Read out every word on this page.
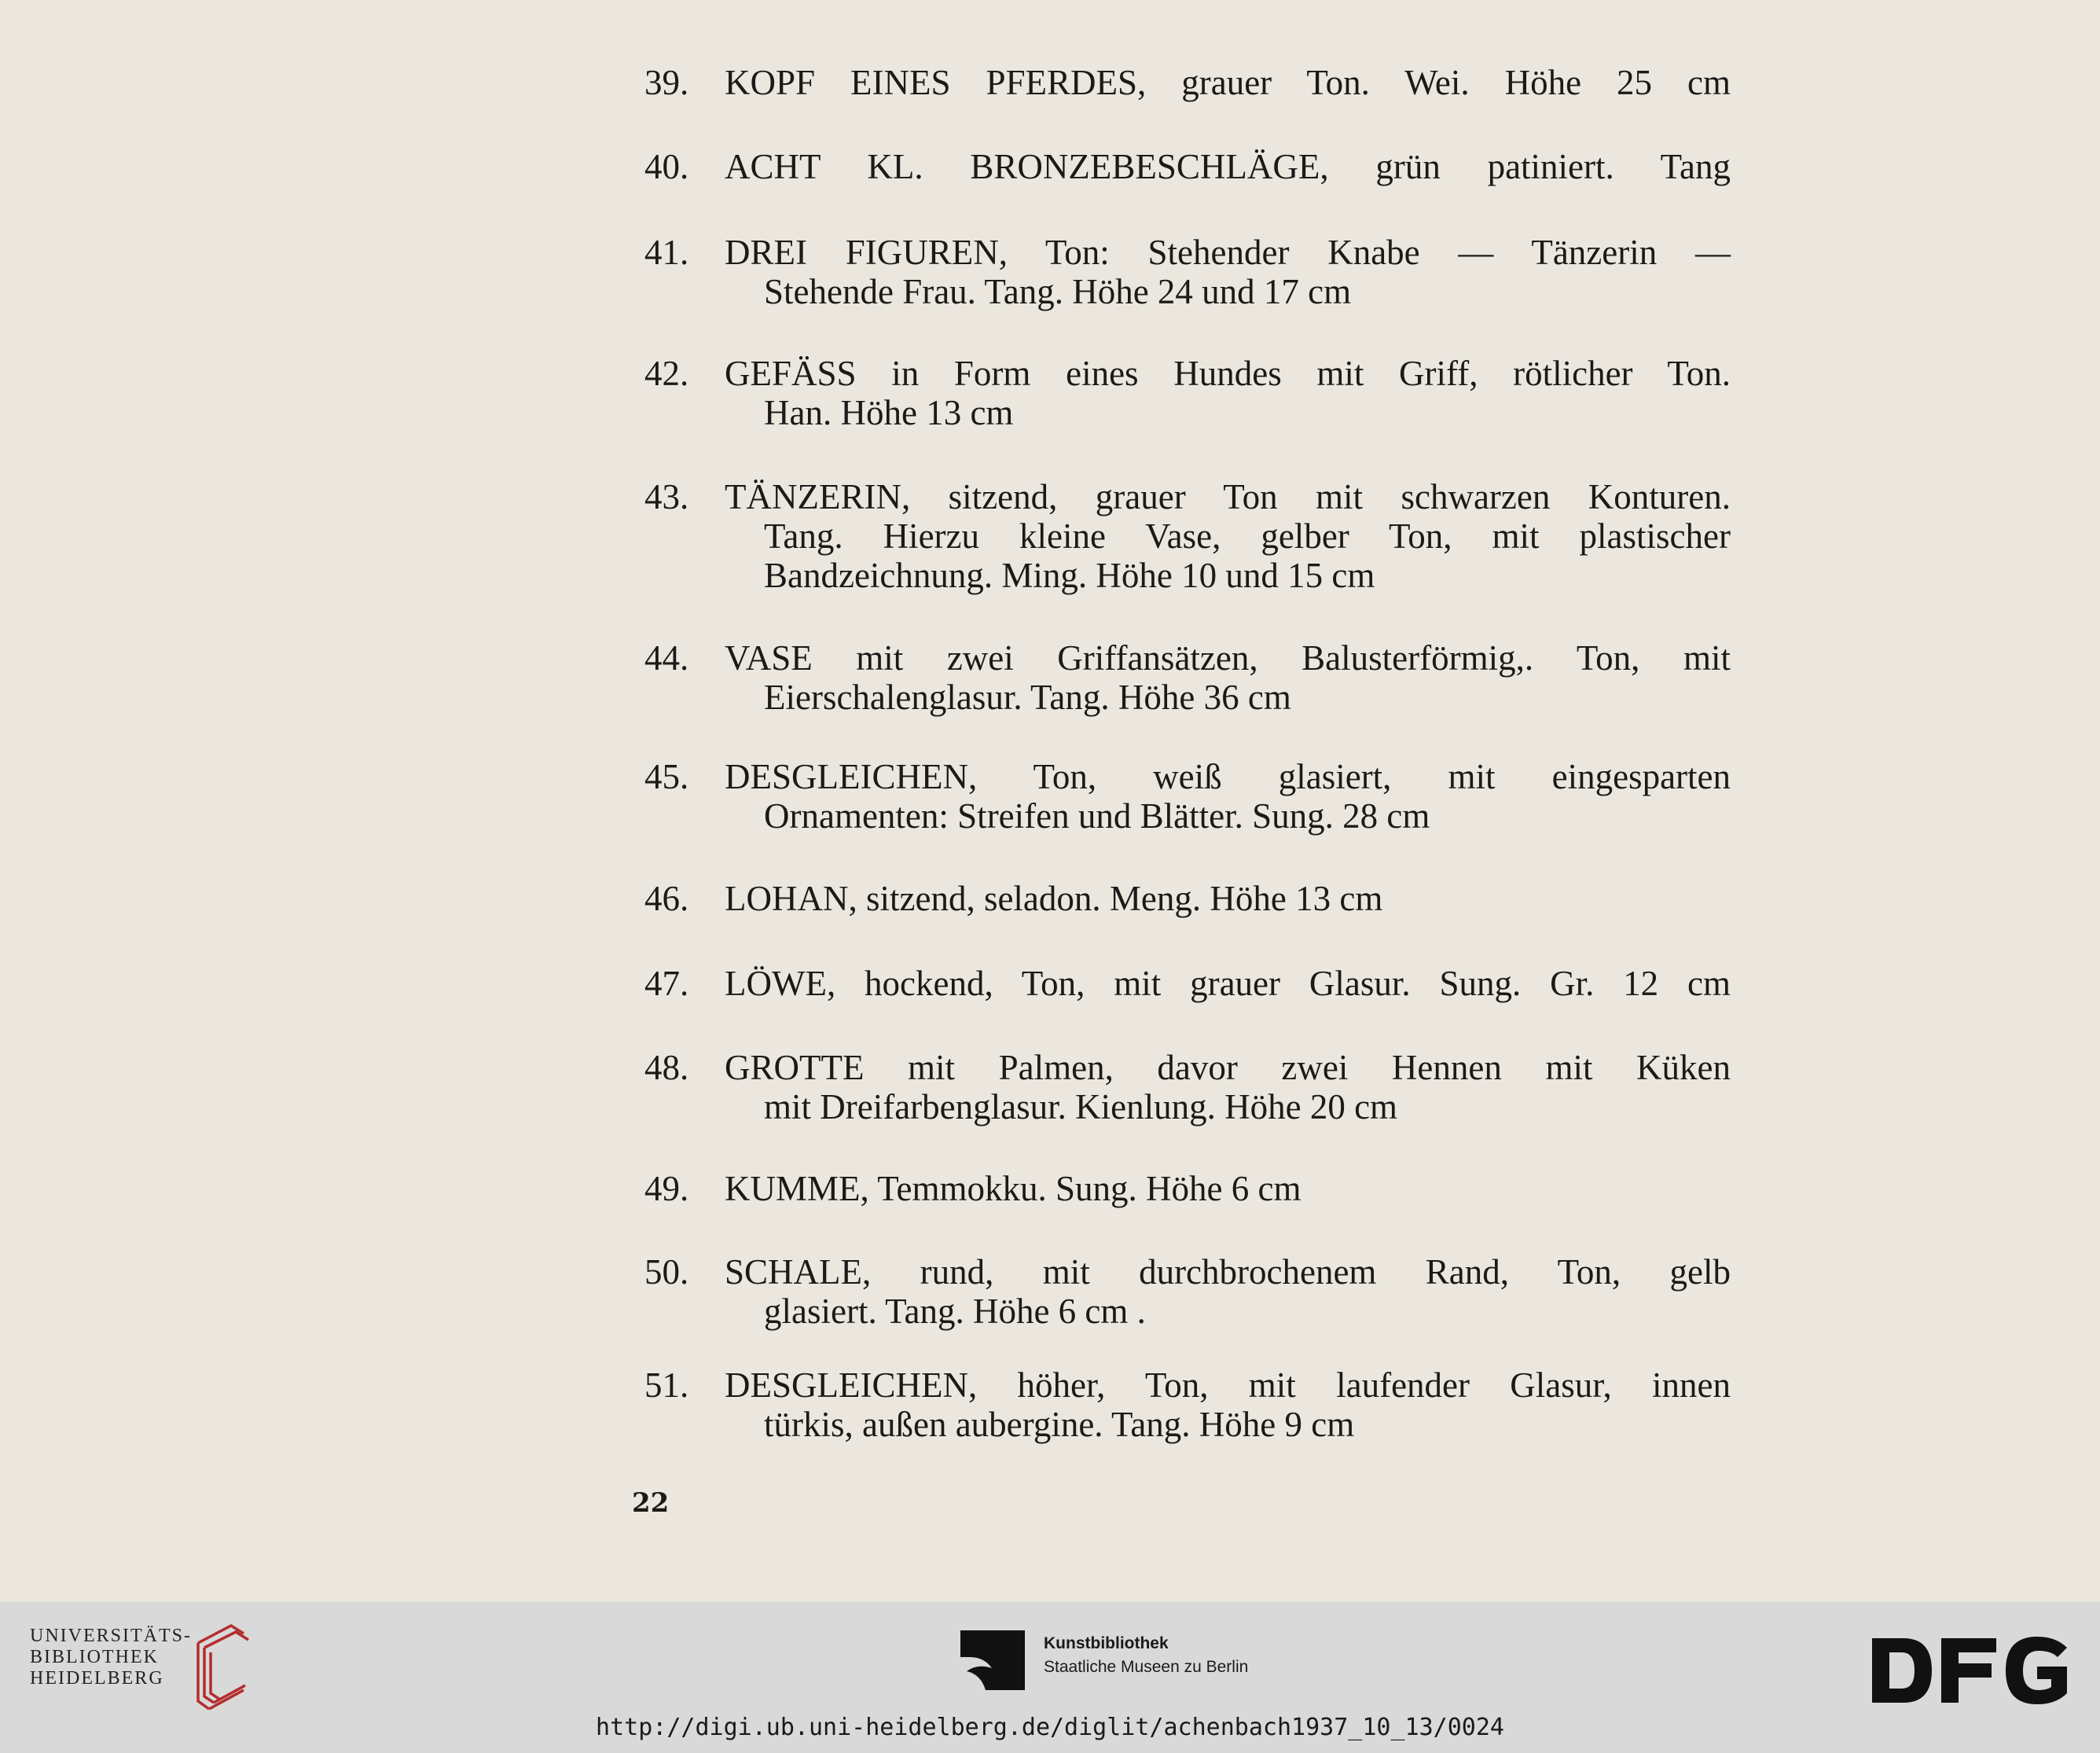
39. KOPF EINES PFERDES, grauer Ton. Wei. Höhe 25 cm
40. ACHT KL. BRONZEBESCHLÄGE, grün patiniert. Tang
41. DREI FIGUREN, Ton: Stehender Knabe — Tänzerin —
Stehende Frau. Tang. Höhe 24 und 17 cm
42. GEFÄSS in Form eines Hundes mit Griff, rötlicher Ton.
Han. Höhe 13 cm
43. TÄNZERIN, sitzend, grauer Ton mit schwarzen Konturen.
Tang. Hierzu kleine Vase, gelber Ton, mit plastischer
Bandzeichnung. Ming. Höhe 10 und 15 cm
44. VASE mit zwei Griffansätzen, Balusterförmig,. Ton, mit
Eierschalenglasur. Tang. Höhe 36 cm
45. DESGLEICHEN, Ton, weiß glasiert, mit eingesparten
Ornamenten: Streifen und Blätter. Sung. 28 cm
46. LOHAN, sitzend, seladon. Meng. Höhe 13 cm
47. LÖWE, hockend, Ton, mit grauer Glasur. Sung. Gr. 12 cm
48. GROTTE mit Palmen, davor zwei Hennen mit Küken
mit Dreifarbenglasur. Kienlung. Höhe 20 cm
49. KUMME, Temmokku. Sung. Höhe 6 cm
50. SCHALE, rund, mit durchbrochenem Rand, Ton, gelb
glasiert. Tang. Höhe 6 cm .
51. DESGLEICHEN, höher, Ton, mit laufender Glasur, innen
türkis, außen aubergine. Tang. Höhe 9 cm
22
UNIVERSITÄTS-
BIBLIOTHEK
HEIDELBERG
Kunstbibliothek
Staatliche Museen zu Berlin
http://digi.ub.uni-heidelberg.de/diglit/achenbach1937_10_13/0024
